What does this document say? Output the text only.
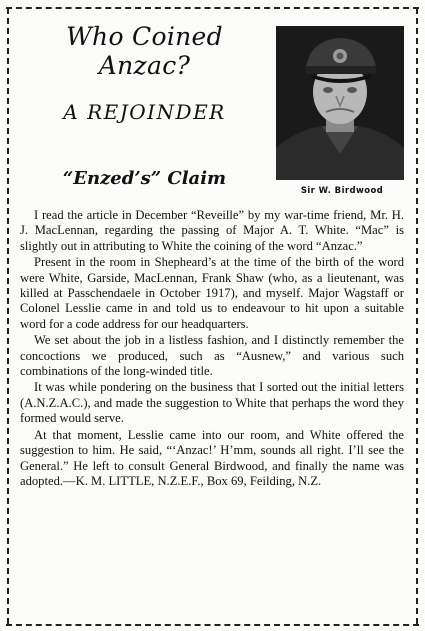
Who Coined Anzac?
A REJOINDER
“Enzed’s” Claim

Sir W. Birdwood

I read the article in December “Reveille” by my war-time friend, Mr. H. J. MacLennan, regarding the passing of Major A. T. White. “Mac” is slightly out in attributing to White the coining of the word “Anzac.”

Present in the room in Shepheard’s at the time of the birth of the word were White, Garside, MacLennan, Frank Shaw (who, as a lieutenant, was killed at Passchendaele in October 1917), and myself. Major Wagstaff or Colonel Lesslie came in and told us to endeavour to hit upon a suitable word for a code address for our headquarters.

We set about the job in a listless fashion, and I distinctly remember the concoctions we produced, such as “Ausnew,” and various such combinations of the long-winded title.

It was while pondering on the business that I sorted out the initial letters (A.N.Z.A.C.), and made the suggestion to White that perhaps the word they formed would serve.

At that moment, Lesslie came into our room, and White offered the suggestion to him. He said, “‘Anzac!’ H’mm, sounds all right. I’ll see the General.” He left to consult General Birdwood, and finally the name was adopted.—K. M. LITTLE, N.Z.E.F., Box 69, Feilding, N.Z.
